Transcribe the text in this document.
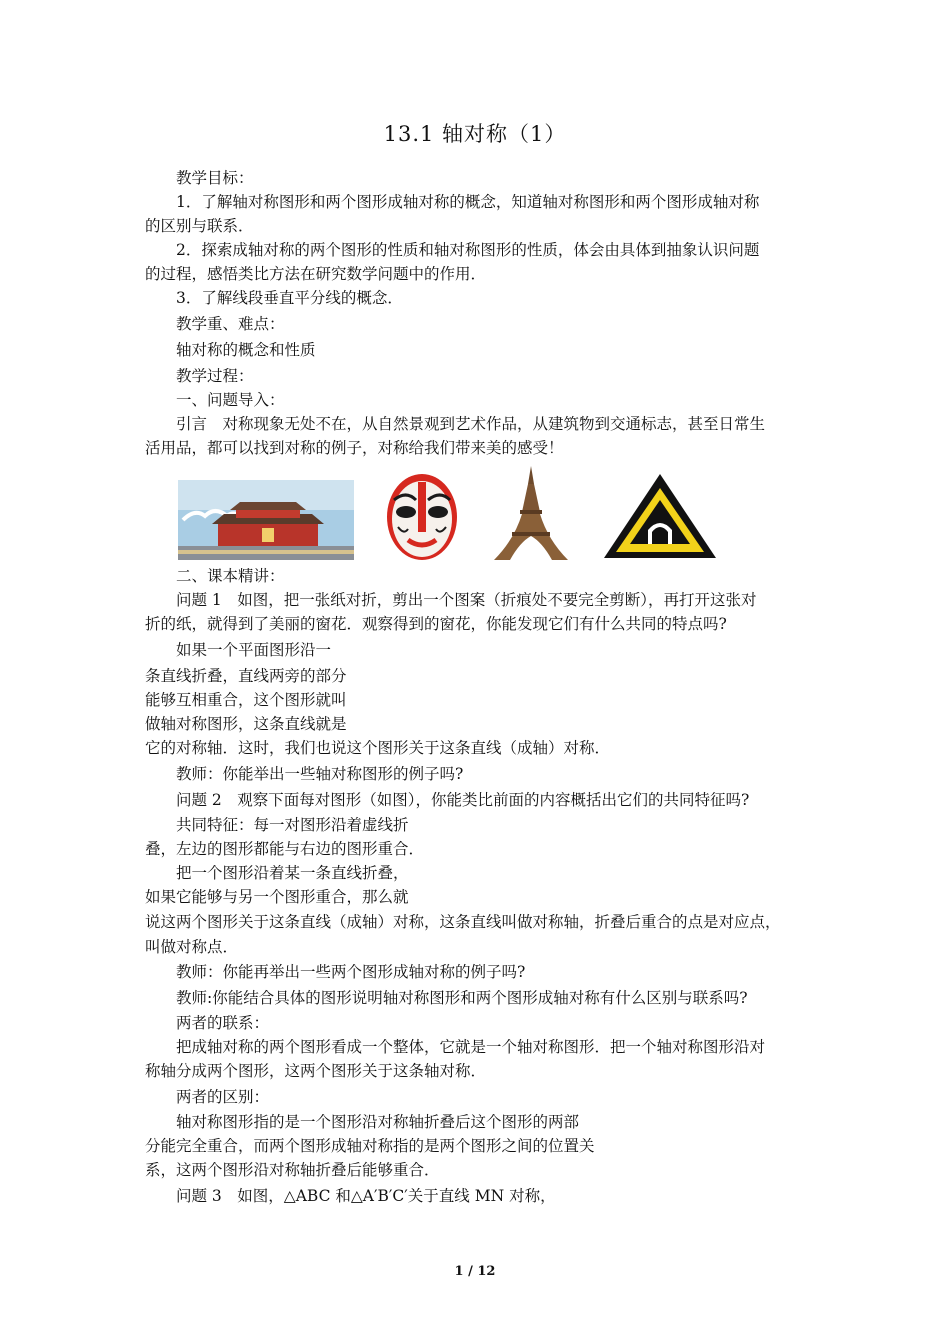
13.1 轴对称（1）
教学目标：
1．了解轴对称图形和两个图形成轴对称的概念，知道轴对称图形和两个图形成轴对称
的区别与联系．
2．探索成轴对称的两个图形的性质和轴对称图形的性质，体会由具体到抽象认识问题
的过程，感悟类比方法在研究数学问题中的作用．
3．了解线段垂直平分线的概念．
教学重、难点：
轴对称的概念和性质
教学过程：
一、问题导入：
引言　对称现象无处不在，从自然景观到艺术作品，从建筑物到交通标志，甚至日常生
活用品，都可以找到对称的例子，对称给我们带来美的感受！
二、课本精讲：
问题 1　如图，把一张纸对折，剪出一个图案（折痕处不要完全剪断），再打开这张对
折的纸，就得到了美丽的窗花．观察得到的窗花，你能发现它们有什么共同的特点吗?
如果一个平面图形沿一
条直线折叠，直线两旁的部分
能够互相重合，这个图形就叫
做轴对称图形，这条直线就是
它的对称轴．这时，我们也说这个图形关于这条直线（成轴）对称．
教师：你能举出一些轴对称图形的例子吗?
问题 2　观察下面每对图形（如图），你能类比前面的内容概括出它们的共同特征吗?
共同特征：每一对图形沿着虚线折
叠，左边的图形都能与右边的图形重合．
把一个图形沿着某一条直线折叠，
如果它能够与另一个图形重合，那么就
说这两个图形关于这条直线（成轴）对称，这条直线叫做对称轴，折叠后重合的点是对应点，
叫做对称点．
教师：你能再举出一些两个图形成轴对称的例子吗?
教师:你能结合具体的图形说明轴对称图形和两个图形成轴对称有什么区别与联系吗?
两者的联系：
把成轴对称的两个图形看成一个整体，它就是一个轴对称图形．把一个轴对称图形沿对
称轴分成两个图形，这两个图形关于这条轴对称．
两者的区别：
轴对称图形指的是一个图形沿对称轴折叠后这个图形的两部
分能完全重合，而两个图形成轴对称指的是两个图形之间的位置关
系，这两个图形沿对称轴折叠后能够重合．
问题 3　如图，△ABC 和△A′B′C′关于直线 MN 对称，
1 / 12
